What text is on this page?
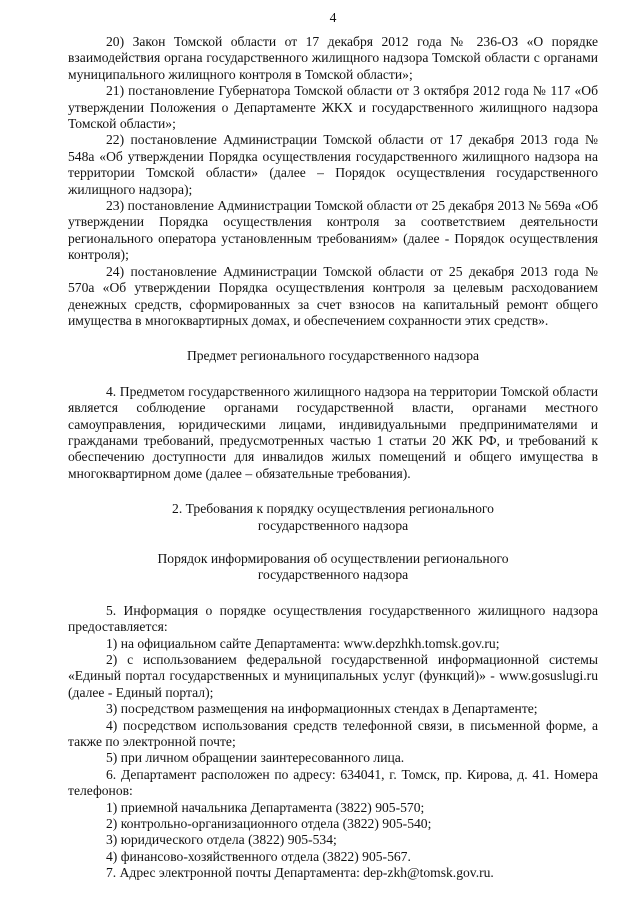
4

20) Закон Томской области от 17 декабря 2012 года № 236-ОЗ «О порядке взаимодействия органа государственного жилищного надзора Томской области с органами муниципального жилищного контроля в Томской области»;

21) постановление Губернатора Томской области от 3 октября 2012 года № 117 «Об утверждении Положения о Департаменте ЖКХ и государственного жилищного надзора Томской области»;

22) постановление Администрации Томской области от 17 декабря 2013 года № 548а «Об утверждении Порядка осуществления государственного жилищного надзора на территории Томской области» (далее – Порядок осуществления государственного жилищного надзора);

23) постановление Администрации Томской области от 25 декабря 2013 № 569а «Об утверждении Порядка осуществления контроля за соответствием деятельности регионального оператора установленным требованиям» (далее - Порядок осуществления контроля);

24) постановление Администрации Томской области от 25 декабря 2013 года № 570а «Об утверждении Порядка осуществления контроля за целевым расходованием денежных средств, сформированных за счет взносов на капитальный ремонт общего имущества в многоквартирных домах, и обеспечением сохранности этих средств».

Предмет регионального государственного надзора

4. Предметом государственного жилищного надзора на территории Томской области является соблюдение органами государственной власти, органами местного самоуправления, юридическими лицами, индивидуальными предпринимателями и гражданами требований, предусмотренных частью 1 статьи 20 ЖК РФ, и требований к обеспечению доступности для инвалидов жилых помещений и общего имущества в многоквартирном доме (далее – обязательные требования).

2. Требования к порядку осуществления регионального

государственного надзора

Порядок информирования об осуществлении регионального

государственного надзора

5. Информация о порядке осуществления государственного жилищного надзора предоставляется:

1) на официальном сайте Департамента: www.depzhkh.tomsk.gov.ru;

2) с использованием федеральной государственной информационной системы «Единый портал государственных и муниципальных услуг (функций)» - www.gosuslugi.ru (далее - Единый портал);

3) посредством размещения на информационных стендах в Департаменте;

4) посредством использования средств телефонной связи, в письменной форме, а также по электронной почте;

5) при личном обращении заинтересованного лица.

6. Департамент расположен по адресу: 634041, г. Томск, пр. Кирова, д. 41. Номера телефонов:

1) приемной начальника Департамента (3822) 905-570;

2) контрольно-организационного отдела (3822) 905-540;

3) юридического отдела (3822) 905-534;

4) финансово-хозяйственного отдела (3822) 905-567.

7. Адрес электронной почты Департамента: dep-zkh@tomsk.gov.ru.
